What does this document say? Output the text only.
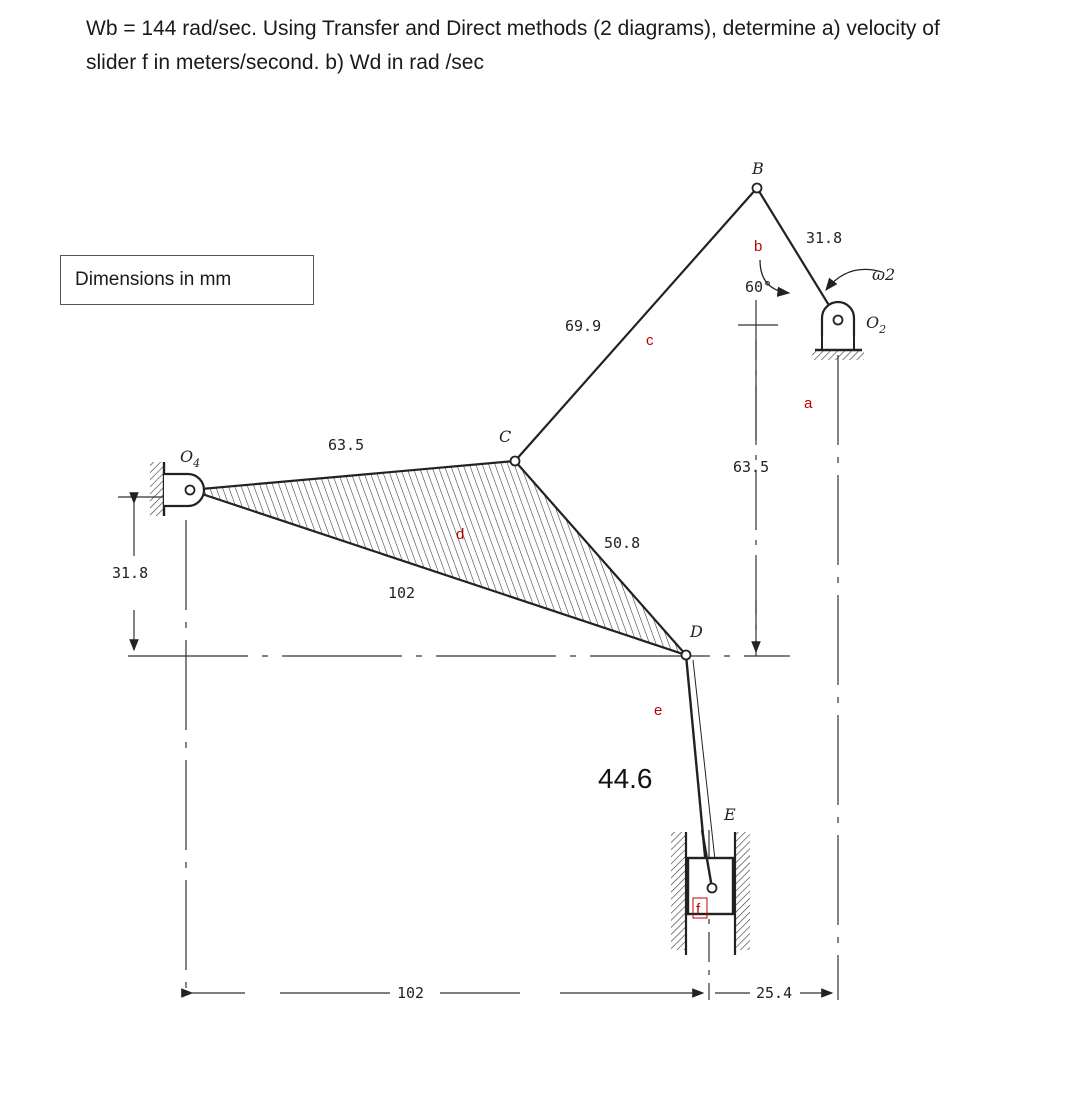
Wb = 144 rad/sec. Using Transfer and Direct methods (2 diagrams), determine a) velocity of
slider f in meters/second. b) Wd in rad /sec
Dimensions in mm
31.8
63.5
102	25.4
B
C
D
E
$O_4$
$O_2$
ω2
31.8
69.9
63.5
102
50.8
60°
44.6
b
c
a
d
e
f
